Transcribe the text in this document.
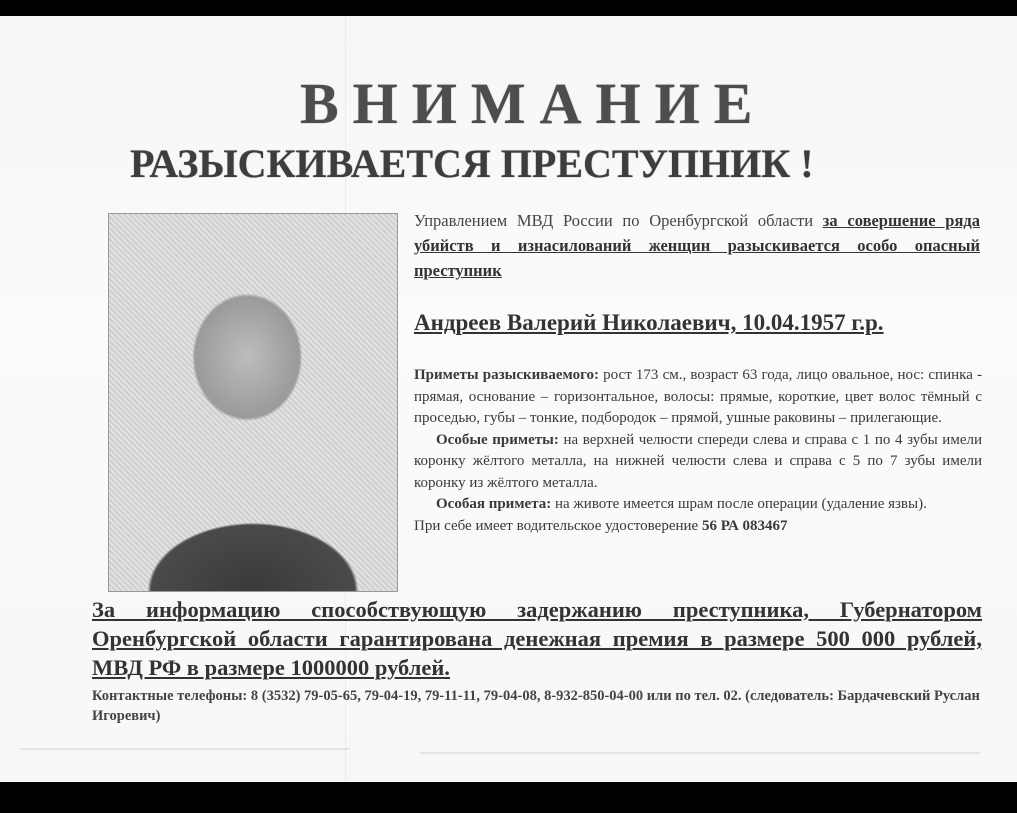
ВНИМАНИЕ
РАЗЫСКИВАЕТСЯ ПРЕСТУПНИК !
Управлением МВД России по Оренбургской области за совершение ряда убийств и изнасилований женщин разыскивается особо опасный преступник
Андреев Валерий Николаевич, 10.04.1957 г.р.

Приметы разыскиваемого: рост 173 см., возраст 63 года, лицо овальное, нос: спинка - прямая, основание – горизонтальное, волосы: прямые, короткие, цвет волос тёмный с проседью, губы – тонкие, подбородок – прямой, ушные раковины – прилегающие.

Особые приметы: на верхней челюсти спереди слева и справа с 1 по 4 зубы имели коронку жёлтого металла, на нижней челюсти слева и справа с 5 по 7 зубы имели коронку из жёлтого металла.

Особая примета: на животе имеется шрам после операции (удаление язвы).

При себе имеет водительское удостоверение 56 РА 083467

За информацию способствующую задержанию преступника, Губернатором Оренбургской области гарантирована денежная премия в размере 500 000 рублей, МВД РФ в размере 1000000 рублей.
Контактные телефоны: 8 (3532) 79-05-65, 79-04-19, 79-11-11, 79-04-08, 8-932-850-04-00 или по тел. 02. (следователь: Бардачевский Руслан Игоревич)
